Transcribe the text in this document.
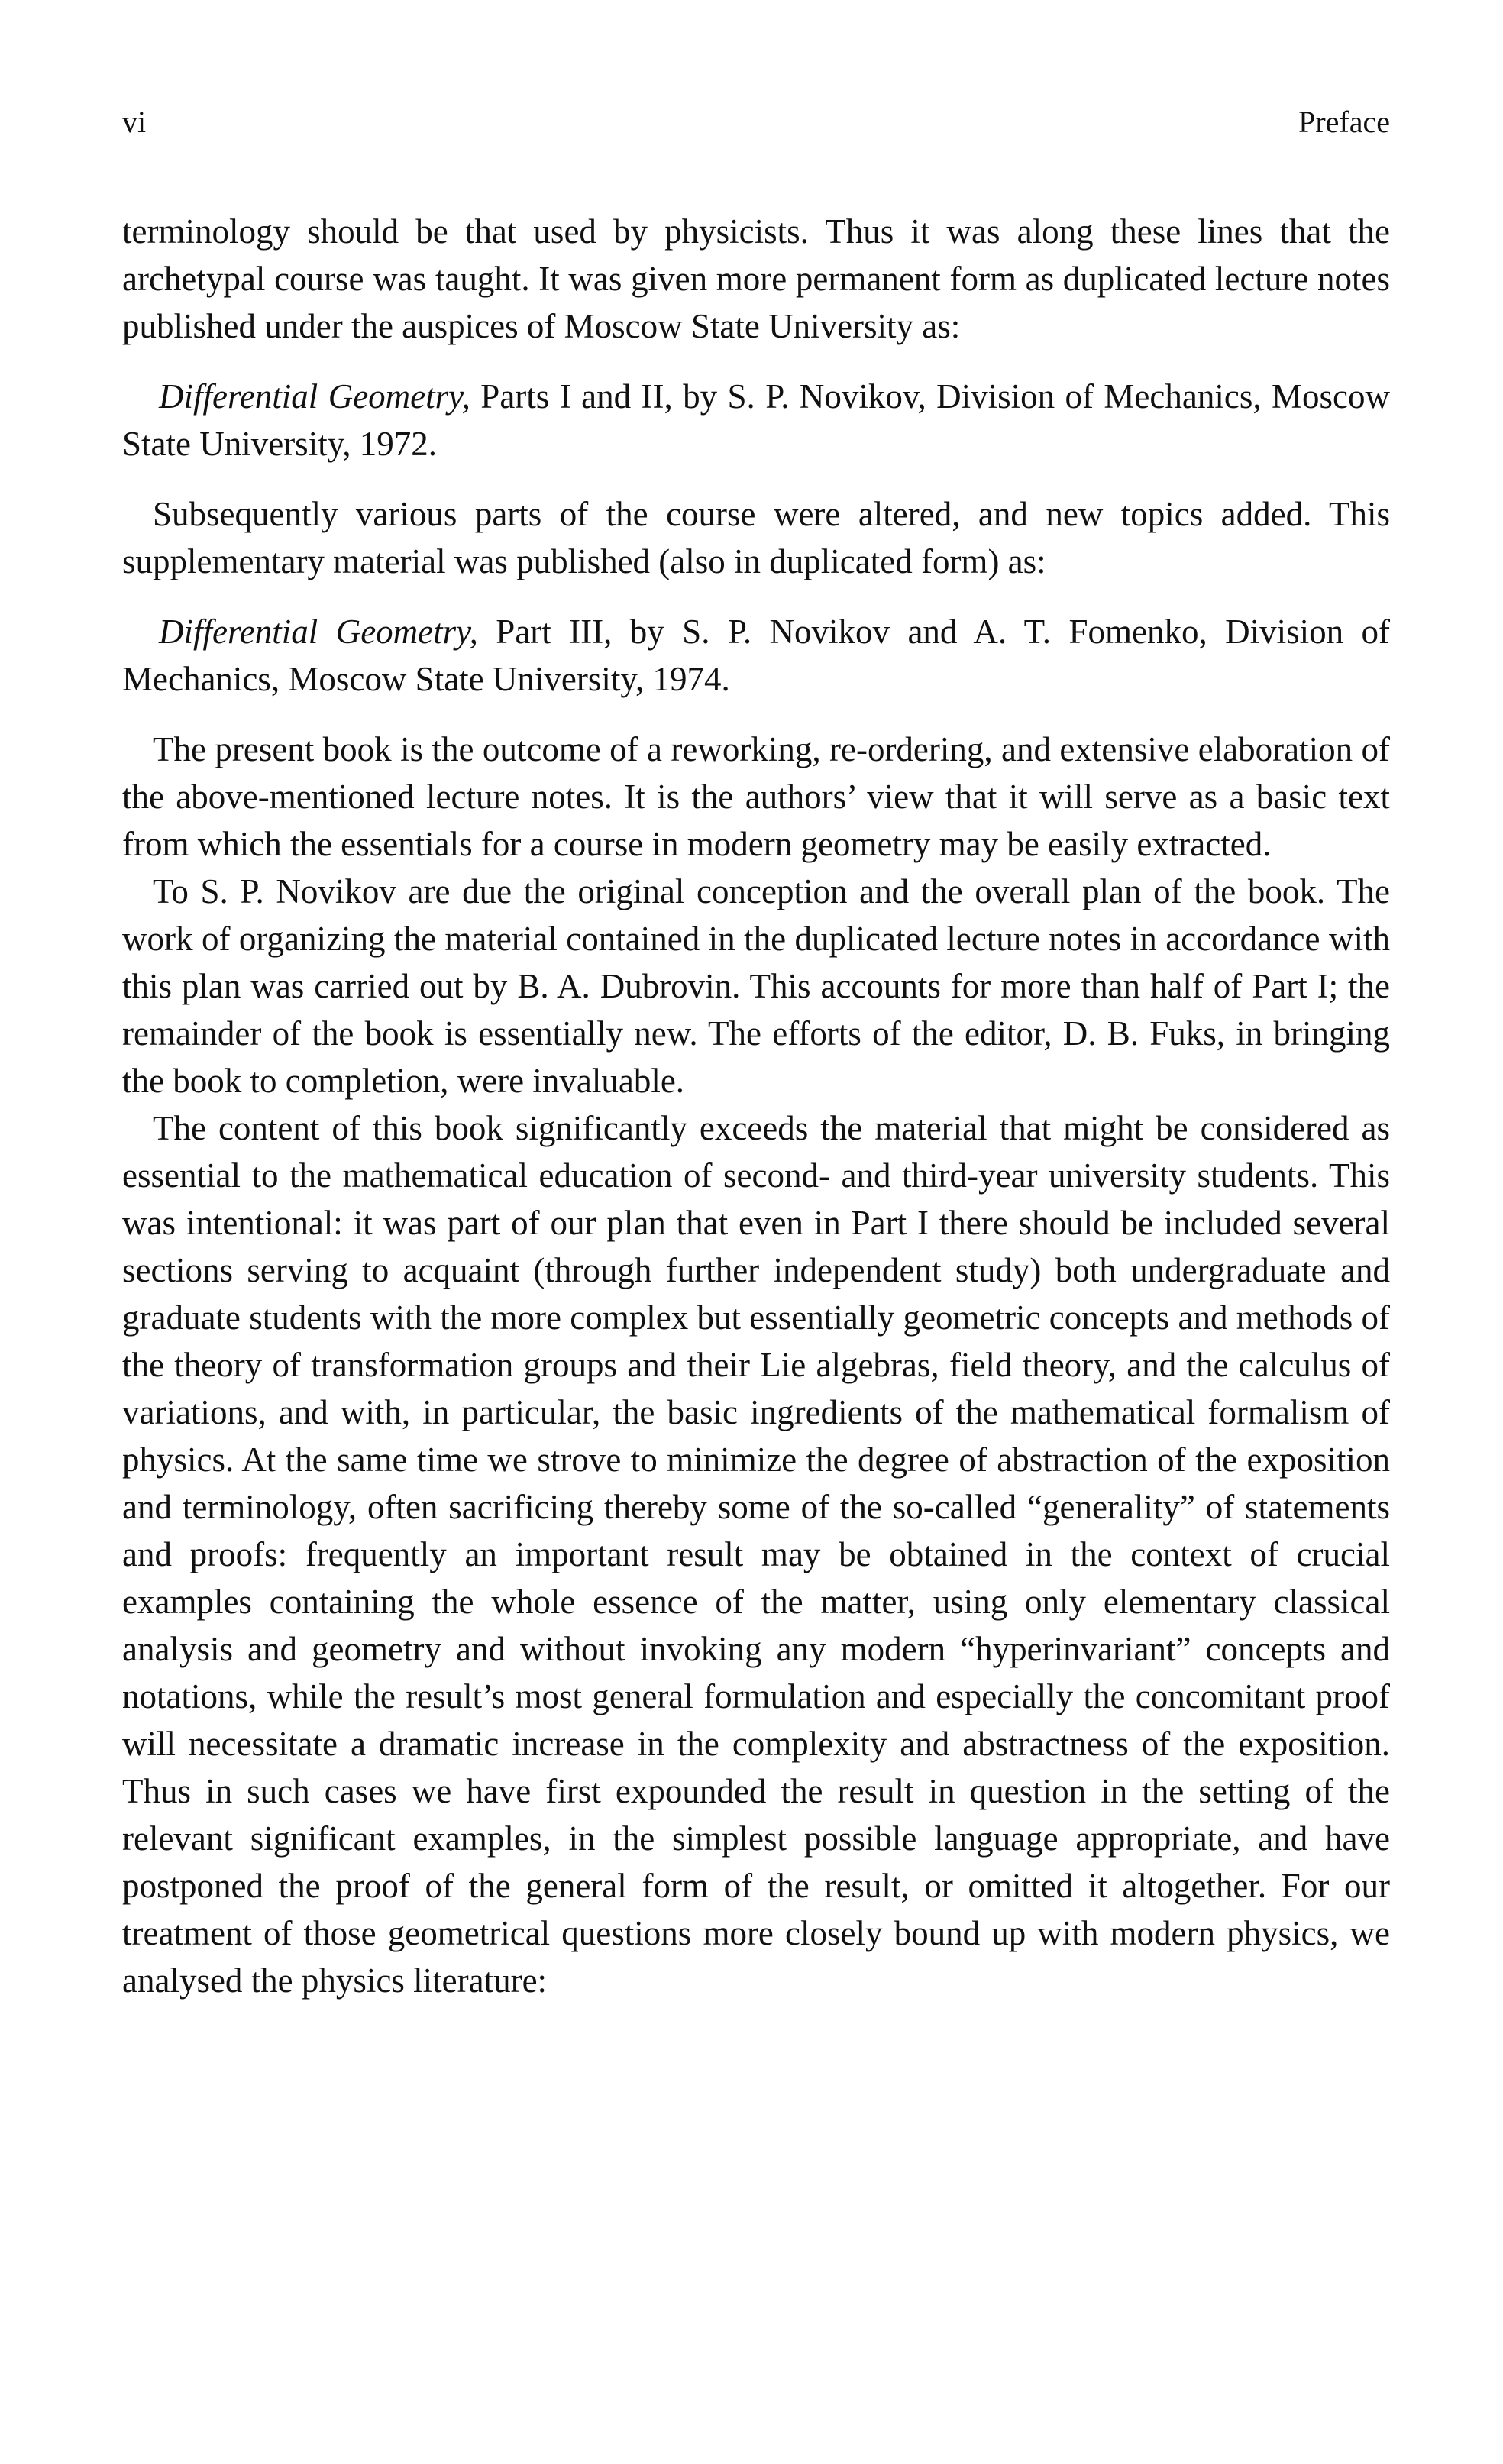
vi	Preface

terminology should be that used by physicists. Thus it was along these lines that the archetypal course was taught. It was given more permanent form as duplicated lecture notes published under the auspices of Moscow State University as:

Differential Geometry, Parts I and II, by S. P. Novikov, Division of Mechanics, Moscow State University, 1972.

Subsequently various parts of the course were altered, and new topics added. This supplementary material was published (also in duplicated form) as:

Differential Geometry, Part III, by S. P. Novikov and A. T. Fomenko, Division of Mechanics, Moscow State University, 1974.

The present book is the outcome of a reworking, re-ordering, and extensive elaboration of the above-mentioned lecture notes. It is the authors’ view that it will serve as a basic text from which the essentials for a course in modern geometry may be easily extracted.

To S. P. Novikov are due the original conception and the overall plan of the book. The work of organizing the material contained in the duplicated lecture notes in accordance with this plan was carried out by B. A. Dubrovin. This accounts for more than half of Part I; the remainder of the book is essentially new. The efforts of the editor, D. B. Fuks, in bringing the book to completion, were invaluable.

The content of this book significantly exceeds the material that might be considered as essential to the mathematical education of second- and third-year university students. This was intentional: it was part of our plan that even in Part I there should be included several sections serving to acquaint (through further independent study) both undergraduate and graduate students with the more complex but essentially geometric concepts and methods of the theory of transformation groups and their Lie algebras, field theory, and the calculus of variations, and with, in particular, the basic ingredients of the mathematical formalism of physics. At the same time we strove to minimize the degree of abstraction of the exposition and terminology, often sacrificing thereby some of the so-called “generality” of statements and proofs: frequently an important result may be obtained in the context of crucial examples containing the whole essence of the matter, using only elementary classical analysis and geometry and without invoking any modern “hyperinvariant” concepts and notations, while the result’s most general formulation and especially the concomitant proof will necessitate a dramatic increase in the complexity and abstractness of the exposition. Thus in such cases we have first expounded the result in question in the setting of the relevant significant examples, in the simplest possible language appropriate, and have postponed the proof of the general form of the result, or omitted it altogether. For our treatment of those geometrical questions more closely bound up with modern physics, we analysed the physics literature:
